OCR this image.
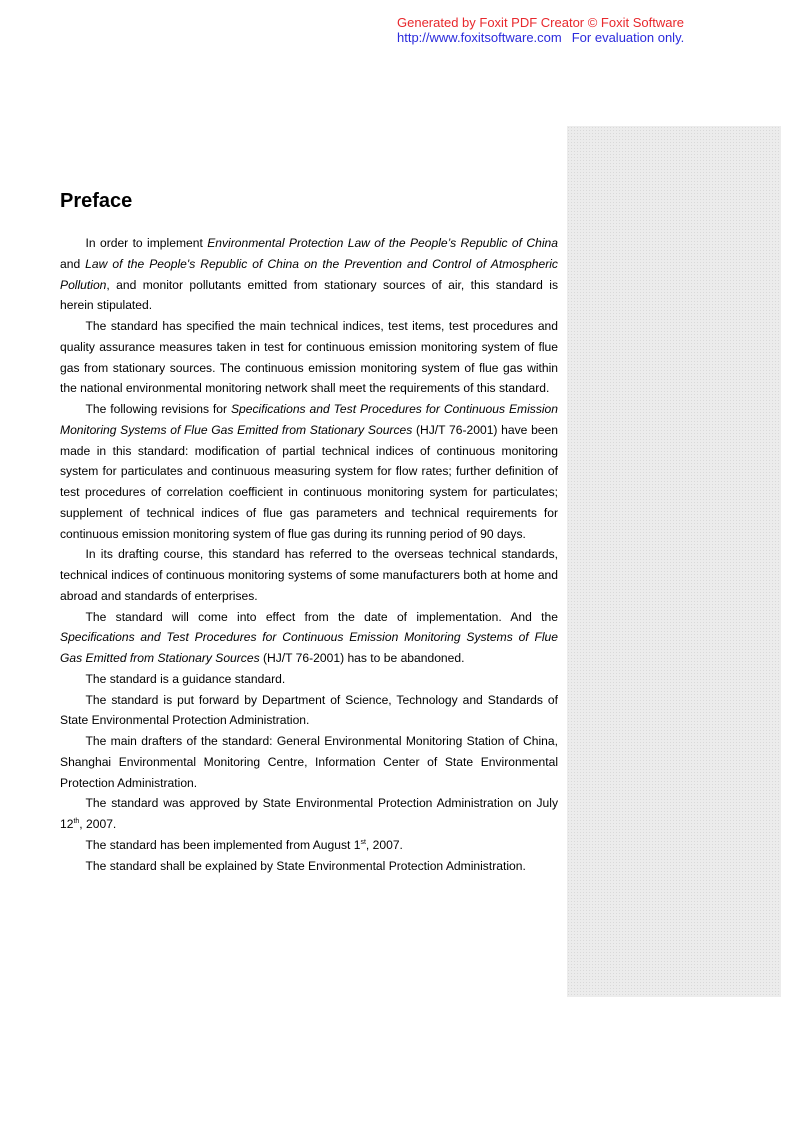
Generated by Foxit PDF Creator © Foxit Software
http://www.foxitsoftware.com For evaluation only.
Preface

In order to implement Environmental Protection Law of the People’s Republic of China and Law of the People's Republic of China on the Prevention and Control of Atmospheric Pollution, and monitor pollutants emitted from stationary sources of air, this standard is herein stipulated.

The standard has specified the main technical indices, test items, test procedures and quality assurance measures taken in test for continuous emission monitoring system of flue gas from stationary sources. The continuous emission monitoring system of flue gas within the national environmental monitoring network shall meet the requirements of this standard.

The following revisions for Specifications and Test Procedures for Continuous Emission Monitoring Systems of Flue Gas Emitted from Stationary Sources (HJ/T 76-2001) have been made in this standard: modification of partial technical indices of continuous monitoring system for particulates and continuous measuring system for flow rates; further definition of test procedures of correlation coefficient in continuous monitoring system for particulates; supplement of technical indices of flue gas parameters and technical requirements for continuous emission monitoring system of flue gas during its running period of 90 days.

In its drafting course, this standard has referred to the overseas technical standards, technical indices of continuous monitoring systems of some manufacturers both at home and abroad and standards of enterprises.

The standard will come into effect from the date of implementation. And the Specifications and Test Procedures for Continuous Emission Monitoring Systems of Flue Gas Emitted from Stationary Sources (HJ/T 76-2001) has to be abandoned.

The standard is a guidance standard.

The standard is put forward by Department of Science, Technology and Standards of State Environmental Protection Administration.

The main drafters of the standard: General Environmental Monitoring Station of China, Shanghai Environmental Monitoring Centre, Information Center of State Environmental Protection Administration.

The standard was approved by State Environmental Protection Administration on July 12th, 2007.

The standard has been implemented from August 1st, 2007.

The standard shall be explained by State Environmental Protection Administration.
